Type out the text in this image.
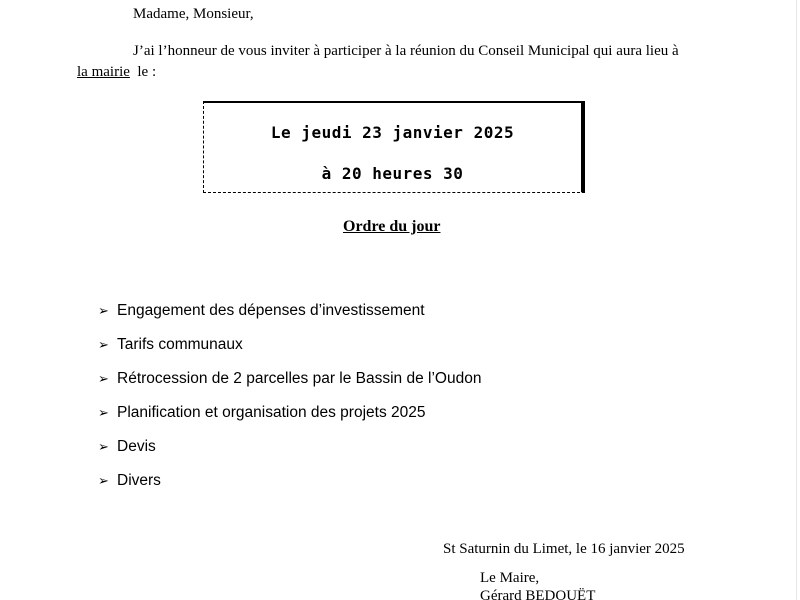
Madame, Monsieur,
J’ai l’honneur de vous inviter à participer à la réunion du Conseil Municipal qui aura lieu à
la mairie  le :
Le jeudi 23 janvier 2025
à 20 heures 30
Ordre du jour
➢ Engagement des dépenses d’investissement
➢ Tarifs communaux
➢ Rétrocession de 2 parcelles par le Bassin de l’Oudon
➢ Planification et organisation des projets 2025
➢ Devis
➢ Divers
St Saturnin du Limet, le 16 janvier 2025
Le Maire,
Gérard BEDOUËT
